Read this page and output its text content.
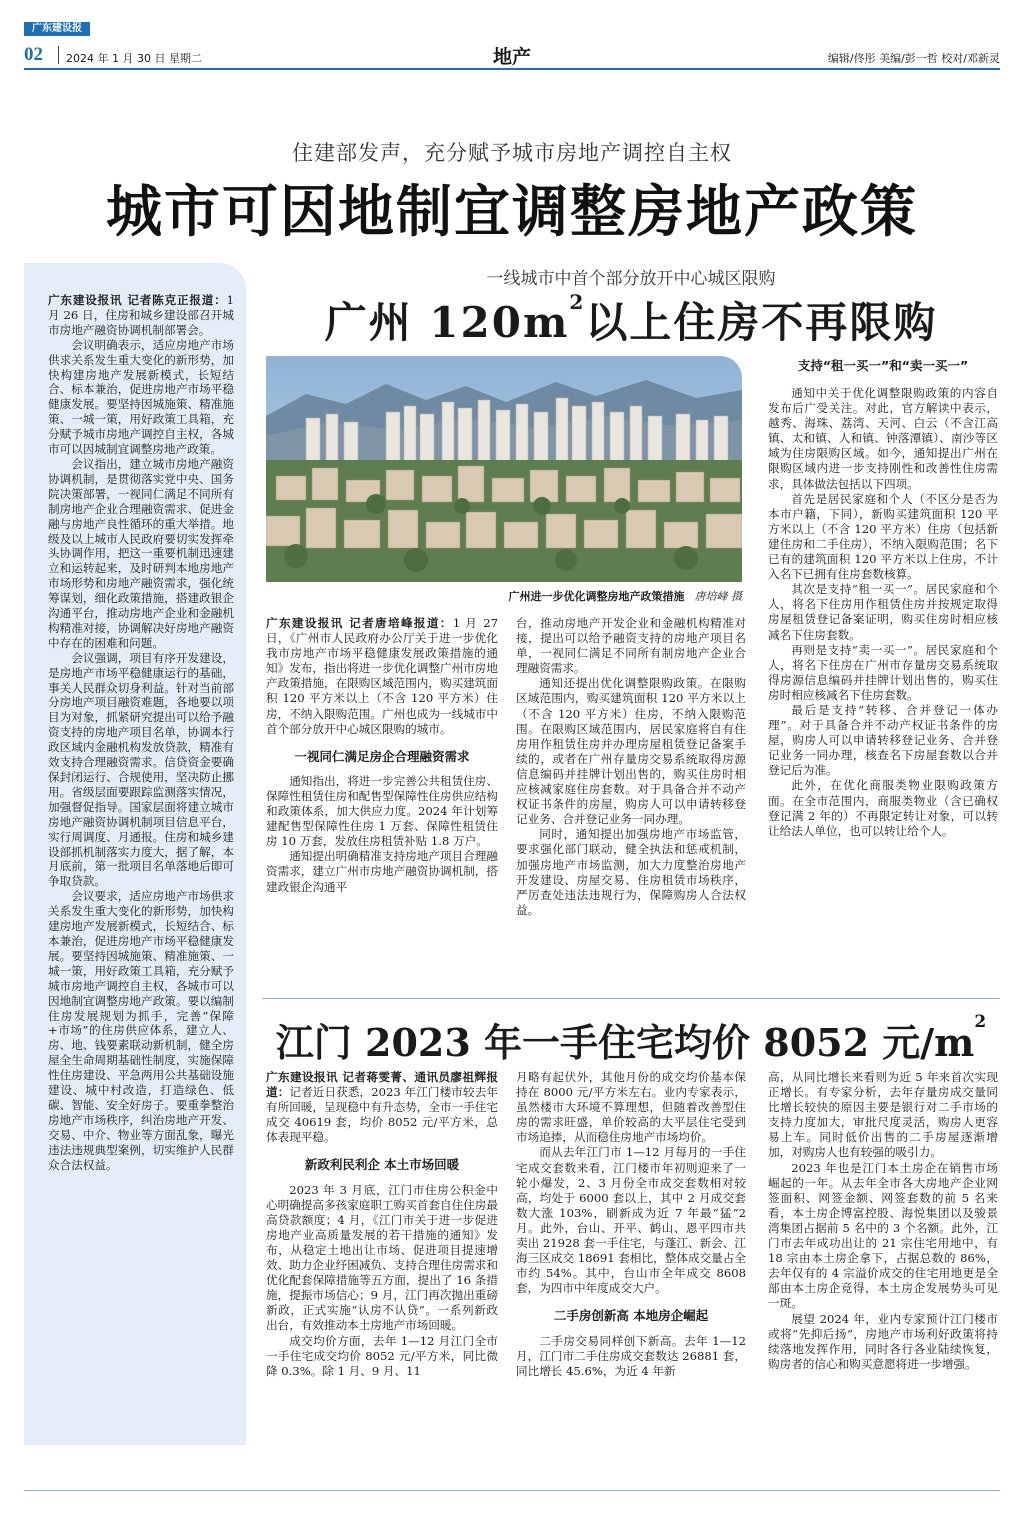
广东建设报
02 2024 年 1 月 30 日 星期二	地产	编辑/佟彤 美编/彭一哲 校对/邓新灵
住建部发声，充分赋予城市房地产调控自主权
城市可因地制宜调整房地产政策

广东建设报讯 记者陈克正报道：1 月 26 日，住房和城乡建设部召开城市房地产融资协调机制部署会。

会议明确表示，适应房地产市场供求关系发生重大变化的新形势，加快构建房地产发展新模式，长短结合、标本兼治，促进房地产市场平稳健康发展。要坚持因城施策、精准施策、一城一策，用好政策工具箱，充分赋予城市房地产调控自主权，各城市可以因城制宜调整房地产政策。

会议指出，建立城市房地产融资协调机制，是贯彻落实党中央、国务院决策部署，一视同仁满足不同所有制房地产企业合理融资需求、促进金融与房地产良性循环的重大举措。地级及以上城市人民政府要切实发挥牵头协调作用，把这一重要机制迅速建立和运转起来，及时研判本地房地产市场形势和房地产融资需求，强化统筹谋划，细化政策措施，搭建政银企沟通平台，推动房地产企业和金融机构精准对接，协调解决好房地产融资中存在的困难和问题。

会议强调，项目有序开发建设，是房地产市场平稳健康运行的基础，事关人民群众切身利益。针对当前部分房地产项目融资难题，各地要以项目为对象，抓紧研究提出可以给予融资支持的房地产项目名单，协调本行政区域内金融机构发放贷款，精准有效支持合理融资需求。信贷资金要确保封闭运行、合规使用，坚决防止挪用。省级层面要跟踪监测落实情况，加强督促指导。国家层面将建立城市房地产融资协调机制项目信息平台，实行周调度、月通报。住房和城乡建设部抓机制落实力度大，据了解，本月底前，第一批项目名单落地后即可争取贷款。

会议要求，适应房地产市场供求关系发生重大变化的新形势，加快构建房地产发展新模式，长短结合、标本兼治，促进房地产市场平稳健康发展。要坚持因城施策、精准施策、一城一策，用好政策工具箱，充分赋予城市房地产调控自主权，各城市可以因地制宜调整房地产政策。要以编制住房发展规划为抓手，完善“保障+市场”的住房供应体系，建立人、房、地、钱要素联动新机制，健全房屋全生命周期基础性制度，实施保障性住房建设、平急两用公共基础设施建设、城中村改造，打造绿色、低碳、智能、安全好房子。要重拳整治房地产市场秩序，纠治房地产开发、交易、中介、物业等方面乱象，曝光违法违规典型案例，切实维护人民群众合法权益。

一线城市中首个部分放开中心城区限购
广州 $120m^2$以上住房不再限购
广州进一步优化调整房地产政策措施 唐培峰 摄

广东建设报讯 记者唐培峰报道：1 月 27 日，《广州市人民政府办公厅关于进一步优化我市房地产市场平稳健康发展政策措施的通知》发布，指出将进一步优化调整广州市房地产政策措施，在限购区域范围内，购买建筑面积 120 平方米以上（不含 120 平方米）住房，不纳入限购范围。广州也成为一线城市中首个部分放开中心城区限购的城市。

一视同仁满足房企合理融资需求

通知指出，将进一步完善公共租赁住房、保障性租赁住房和配售型保障性住房供应结构和政策体系，加大供应力度。2024 年计划筹建配售型保障性住房 1 万套、保障性租赁住房 10 万套，发放住房租赁补贴 1.8 万户。

通知提出明确精准支持房地产项目合理融资需求，建立广州市房地产融资协调机制，搭建政银企沟通平

台，推动房地产开发企业和金融机构精准对接，提出可以给予融资支持的房地产项目名单，一视同仁满足不同所有制房地产企业合理融资需求。

通知还提出优化调整限购政策。在限购区域范围内，购买建筑面积 120 平方米以上（不含 120 平方米）住房，不纳入限购范围。在限购区域范围内，居民家庭将自有住房用作租赁住房并办理房屋租赁登记备案手续的，或者在广州存量房交易系统取得房源信息编码并挂牌计划出售的，购买住房时相应核减家庭住房套数。对于具备合并不动产权证书条件的房屋，购房人可以申请转移登记业务、合并登记业务一同办理。

同时，通知提出加强房地产市场监管，要求强化部门联动，健全执法和惩戒机制，加强房地产市场监测，加大力度整治房地产开发建设、房屋交易、住房租赁市场秩序，严厉查处违法违规行为，保障购房人合法权益。

支持“租一买一”和“卖一买一”

通知中关于优化调整限购政策的内容自发布后广受关注。对此，官方解读中表示，越秀、海珠、荔湾、天河、白云（不含江高镇、太和镇、人和镇、钟落潭镇）、南沙等区域为住房限购区域。如今，通知提出广州在限购区域内进一步支持刚性和改善性住房需求，具体做法包括以下四项。

首先是居民家庭和个人（不区分是否为本市户籍，下同），新购买建筑面积 120 平方米以上（不含 120 平方米）住房（包括新建住房和二手住房），不纳入限购范围；名下已有的建筑面积 120 平方米以上住房，不计入名下已拥有住房套数核算。

其次是支持“租一买一”。居民家庭和个人，将名下住房用作租赁住房并按规定取得房屋租赁登记备案证明，购买住房时相应核减名下住房套数。

再则是支持“卖一买一”。居民家庭和个人，将名下住房在广州市存量房交易系统取得房源信息编码并挂牌计划出售的，购买住房时相应核减名下住房套数。

最后是支持“转移、合并登记一体办理”。对于具备合并不动产权证书条件的房屋，购房人可以申请转移登记业务、合并登记业务一同办理，核查名下房屋套数以合并登记后为准。

此外，在优化商服类物业限购政策方面。在全市范围内，商服类物业（含已确权登记满 2 年的）不再限定转让对象，可以转让给法人单位，也可以转让给个人。

江门 2023 年一手住宅均价 8052 元$/m^2$

广东建设报讯 记者蒋雯菁、通讯员廖祖辉报道：记者近日获悉，2023 年江门楼市较去年有所回暖，呈现稳中有升态势，全市一手住宅成交 40619 套，均价 8052 元/平方米，总体表现平稳。

新政利民利企 本土市场回暖

2023 年 3 月底，江门市住房公积金中心明确提高多孩家庭职工购买首套自住住房最高贷款额度；4 月，《江门市关于进一步促进房地产业高质量发展的若干措施的通知》发布，从稳定土地出让市场、促进项目提速增效、助力企业纾困减负、支持合理住房需求和优化配套保障措施等五方面，提出了 16 条措施，提振市场信心；9 月，江门再次抛出重磅新政，正式实施“认房不认贷”。一系列新政出台，有效推动本土房地产市场回暖。

成交均价方面，去年 1—12 月江门全市一手住宅成交均价 8052 元/平方米，同比微降 0.3%。除 1 月、9 月、11

月略有起伏外，其他月份的成交均价基本保持在 8000 元/平方米左右。业内专家表示，虽然楼市大环境不算理想，但随着改善型住房的需求旺盛，单价较高的大平层住宅受到市场追捧，从而稳住房地产市场均价。

而从去年江门市 1—12 月每月的一手住宅成交套数来看，江门楼市年初则迎来了一轮小爆发，2、3 月份全市成交套数相对较高，均处于 6000 套以上，其中 2 月成交套数大涨 103%，刷新成为近 7 年最“猛”2 月。此外，台山、开平、鹤山、恩平四市共卖出 21928 套一手住宅，与蓬江、新会、江海三区成交 18691 套相比，整体成交量占全市约 54%。其中，台山市全年成交 8608 套，为四市中年度成交大户。

二手房创新高 本地房企崛起

二手房交易同样创下新高。去年 1—12 月，江门市二手住房成交套数达 26881 套，同比增长 45.6%，为近 4 年新

高，从同比增长来看则为近 5 年来首次实现正增长。有专家分析，去年存量房成交量同比增长较快的原因主要是银行对二手市场的支持力度加大，审批尺度灵活，购房人更容易上车。同时低价出售的二手房屋逐渐增加，对购房人也有较强的吸引力。

2023 年也是江门本土房企在销售市场崛起的一年。从去年全市各大房地产企业网签面积、网签金额、网签套数的前 5 名来看，本土房企博富控股、海悦集团以及骏景湾集团占据前 5 名中的 3 个名额。此外，江门市去年成功出让的 21 宗住宅用地中，有 18 宗由本土房企拿下，占据总数的 86%，去年仅有的 4 宗溢价成交的住宅用地更是全部由本土房企竞得，本土房企发展势头可见一斑。

展望 2024 年，业内专家预计江门楼市或将“先抑后扬”，房地产市场利好政策将持续落地发挥作用，同时各行各业陆续恢复，购房者的信心和购买意愿将进一步增强。
